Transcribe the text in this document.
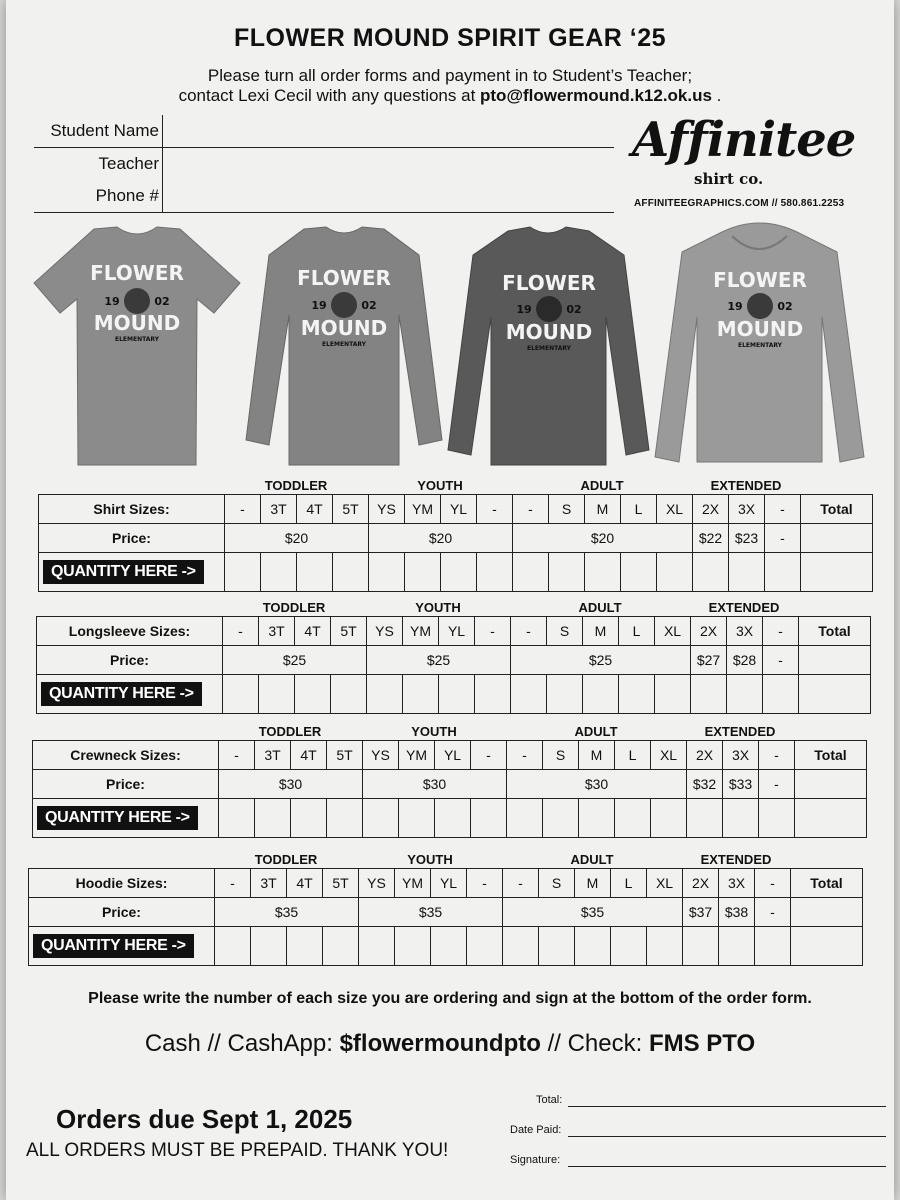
FLOWER MOUND SPIRIT GEAR ‘25
Please turn all order forms and payment in to Student’s Teacher;
contact Lexi Cecil with any questions at pto@flowermound.k12.ok.us .
Student Name
Teacher
Phone #
Affinitee
shirt co.
AFFINITEEGRAPHICS.COM // 580.861.2253
FLOWER
19	02
MOUND
ELEMENTARY
FLOWER
19	02
MOUND
ELEMENTARY
FLOWER
19	02
MOUND
ELEMENTARY
FLOWER
19	02
MOUND
ELEMENTARY
TODDLER	YOUTH	ADULT	EXTENDED
Shirt Sizes:	-	3T	4T	5T	YS	YM	YL	-	-	S	M	L	XL	2X	3X	-	Total
Price:	$20				$20				$20					$22	$23	-	
QUANTITY HERE ->																	
TODDLER	YOUTH	ADULT	EXTENDED
Longsleeve Sizes:	-	3T	4T	5T	YS	YM	YL	-	-	S	M	L	XL	2X	3X	-	Total
Price:	$25				$25				$25					$27	$28	-	
QUANTITY HERE ->																	
TODDLER	YOUTH	ADULT	EXTENDED
Crewneck Sizes:	-	3T	4T	5T	YS	YM	YL	-	-	S	M	L	XL	2X	3X	-	Total
Price:	$30				$30				$30					$32	$33	-	
QUANTITY HERE ->																	
TODDLER	YOUTH	ADULT	EXTENDED
Hoodie Sizes:	-	3T	4T	5T	YS	YM	YL	-	-	S	M	L	XL	2X	3X	-	Total
Price:	$35				$35				$35					$37	$38	-	
QUANTITY HERE ->																	
Please write the number of each size you are ordering and sign at the bottom of the order form.
Cash // CashApp: $flowermoundpto // Check: FMS PTO
Orders due Sept 1, 2025
ALL ORDERS MUST BE PREPAID. THANK YOU!
Total:
Date Paid:
Signature:
